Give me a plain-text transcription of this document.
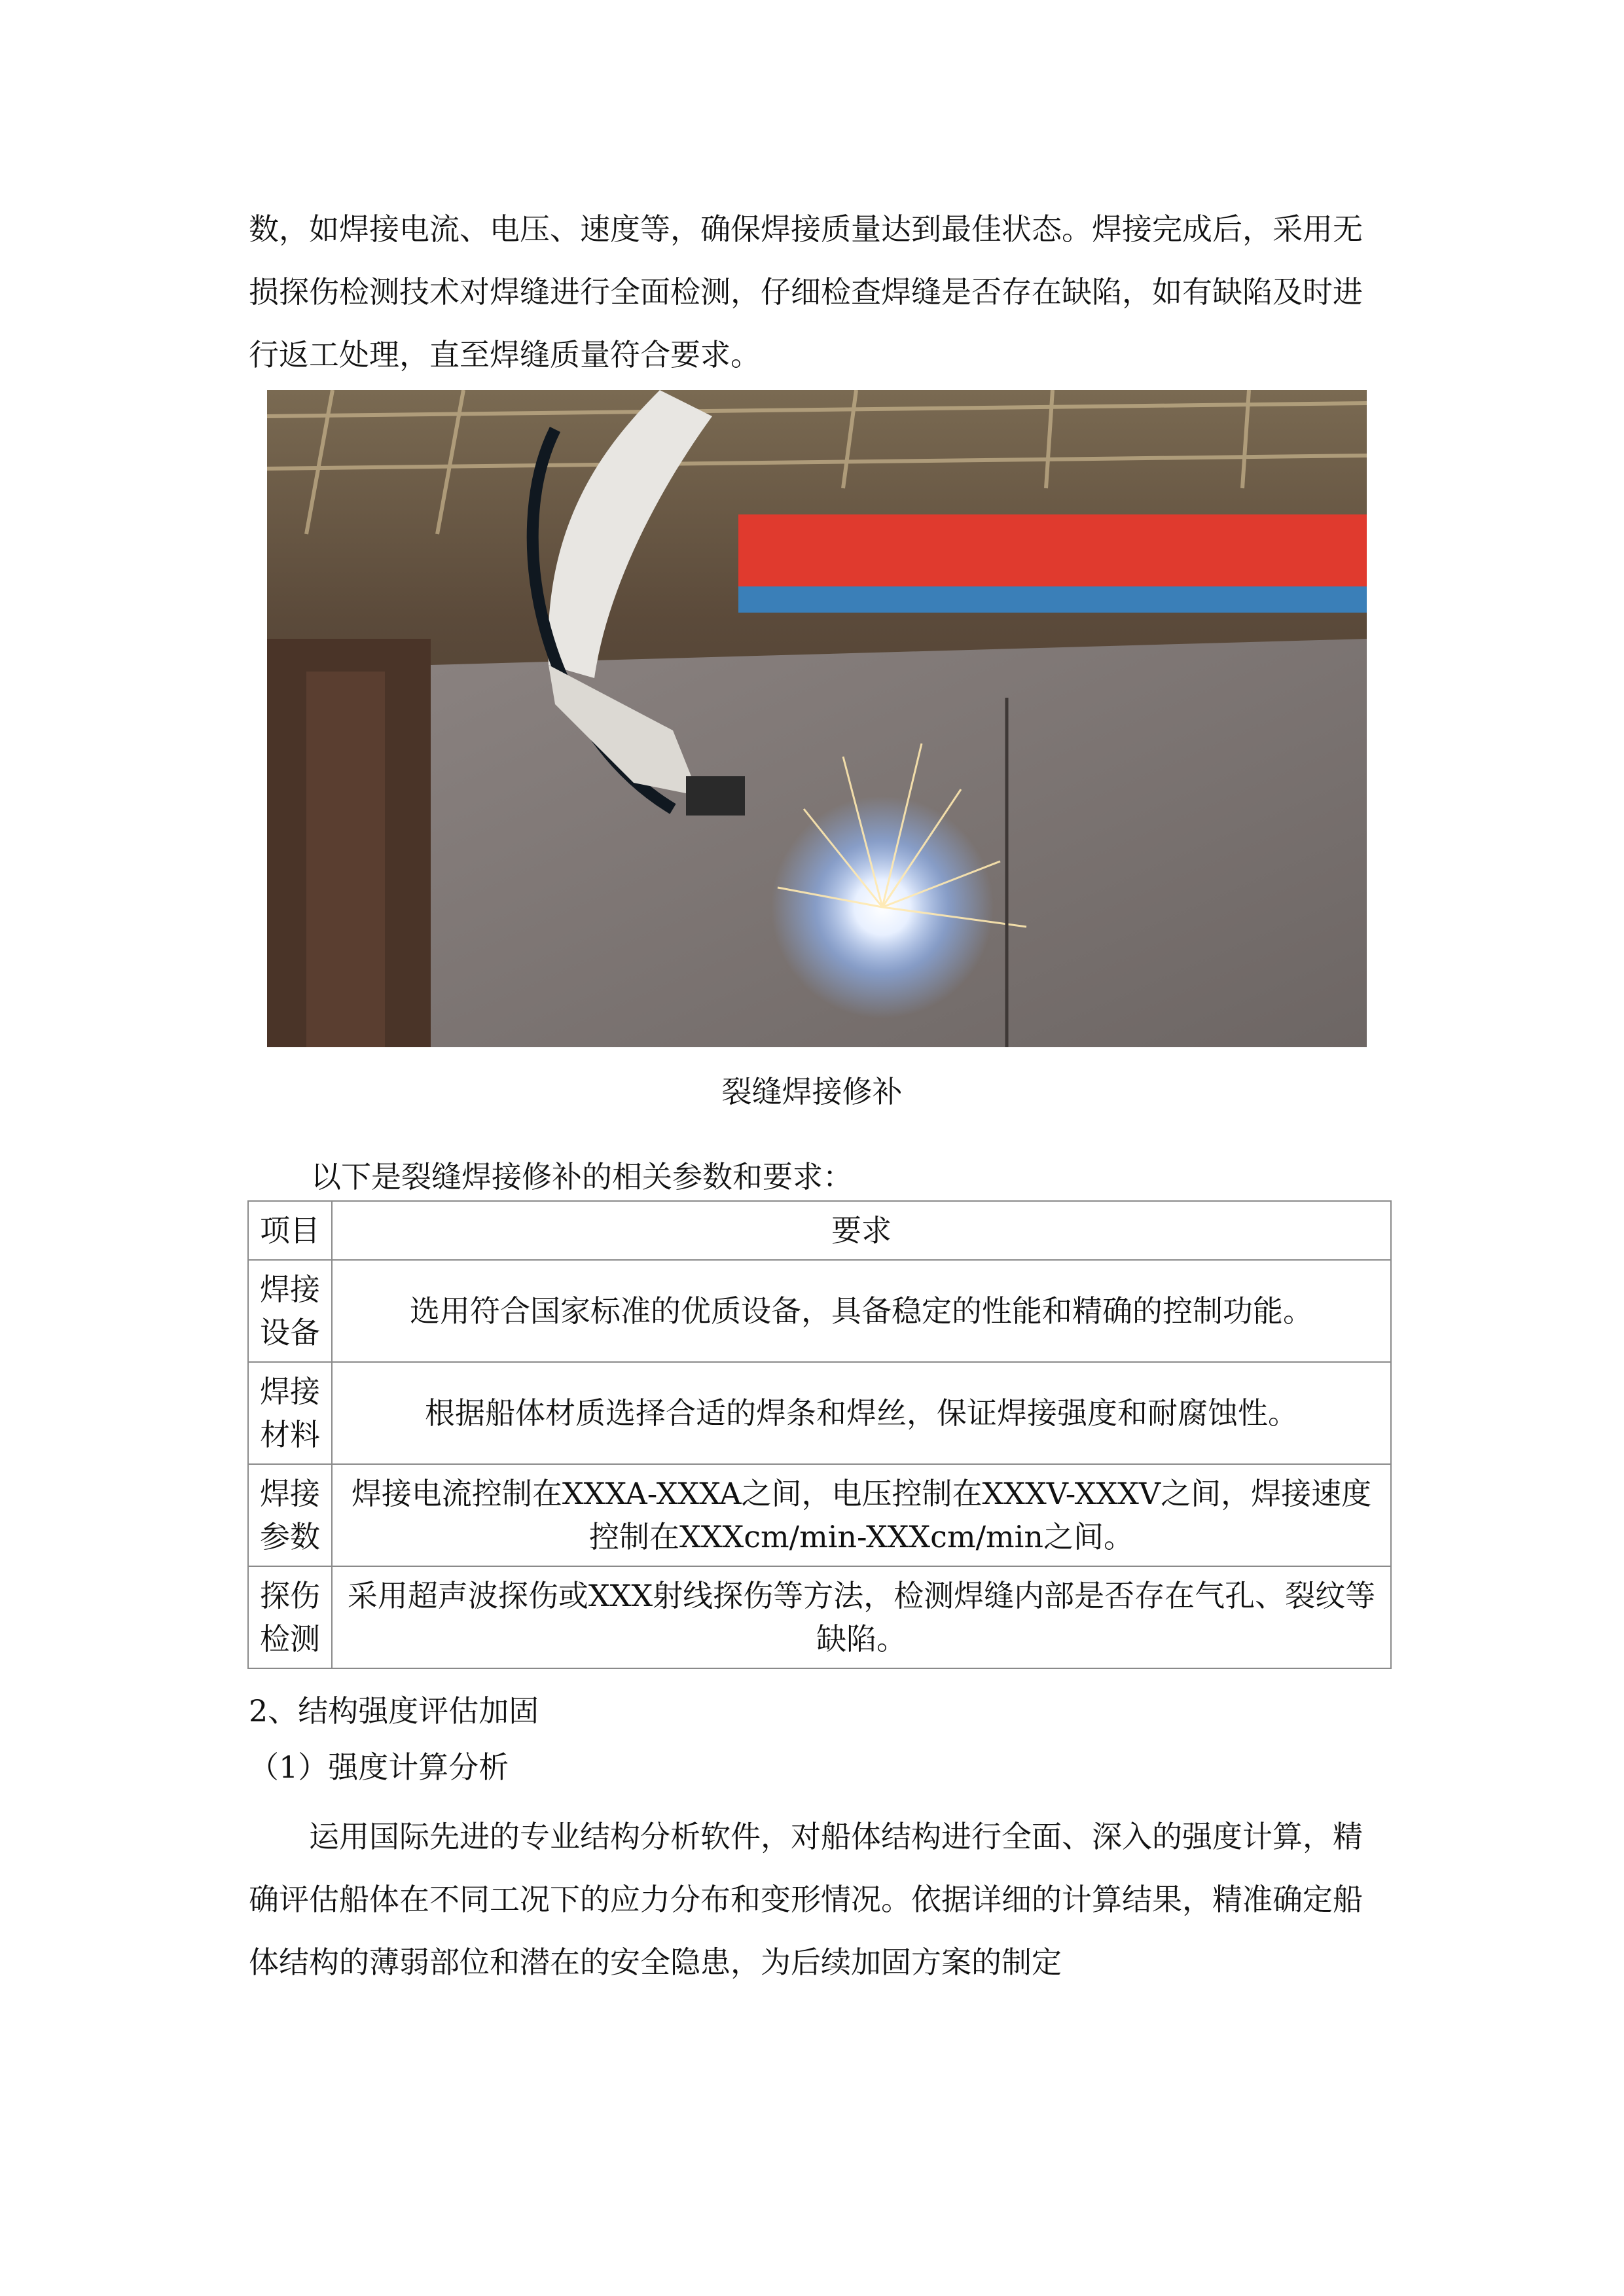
数，如焊接电流、电压、速度等，确保焊接质量达到最佳状态。焊接完成后，采用无损探伤检测技术对焊缝进行全面检测，仔细检查焊缝是否存在缺陷，如有缺陷及时进行返工处理，直至焊缝质量符合要求。

裂缝焊接修补

以下是裂缝焊接修补的相关参数和要求：

项目	要求
焊接设备	选用符合国家标准的优质设备，具备稳定的性能和精确的控制功能。
焊接材料	根据船体材质选择合适的焊条和焊丝，保证焊接强度和耐腐蚀性。
焊接参数	焊接电流控制在XXXA-XXXA之间，电压控制在XXXV-XXXV之间，焊接速度控制在XXXcm/min-XXXcm/min之间。
探伤检测	采用超声波探伤或XXX射线探伤等方法，检测焊缝内部是否存在气孔、裂纹等缺陷。

2、结构强度评估加固

（1）强度计算分析

运用国际先进的专业结构分析软件，对船体结构进行全面、深入的强度计算，精确评估船体在不同工况下的应力分布和变形情况。依据详细的计算结果，精准确定船体结构的薄弱部位和潜在的安全隐患，为后续加固方案的制定
